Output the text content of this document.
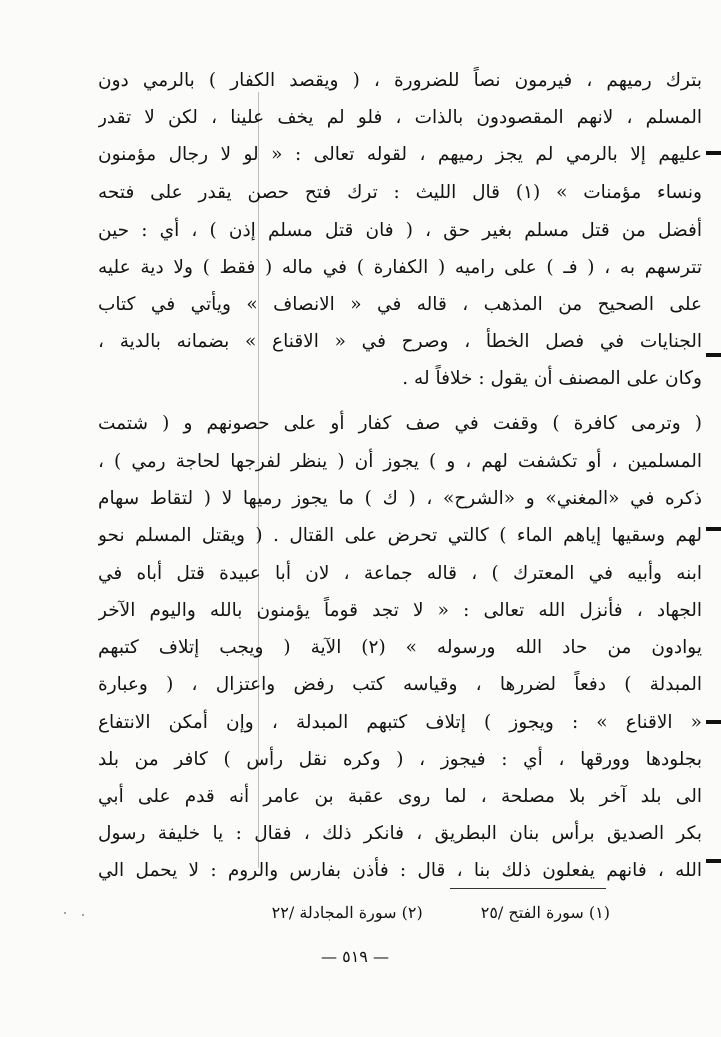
بترك رميهم ، فيرمون نصاً للضرورة ، ( ويقصد الكفار ) بالرمي دون
المسلم ، لانهم المقصودون بالذات ، فلو لم يخف علينا ، لكن لا تقدر
عليهم إلا بالرمي لم يجز رميهم ، لقوله تعالى : « لو لا رجال مؤمنون
ونساء مؤمنات » (١) قال الليث : ترك فتح حصن يقدر على فتحه
أفضل من قتل مسلم بغير حق ، ( فان قتل مسلم إذن ) ، أي : حين
تترسهم به ، ( فـ ) على راميه ( الكفارة ) في ماله ( فقط ) ولا دية عليه
على الصحيح من المذهب ، قاله في « الانصاف » ويأتي في كتاب
الجنايات في فصل الخطأ ، وصرح في « الاقناع » بضمانه بالدية ،
وكان على المصنف أن يقول : خلافاً له .
( وترمى كافرة ) وقفت في صف كفار أو على حصونهم و ( شتمت
المسلمين ، أو تكشفت لهم ، و ) يجوز أن ( ينظر لفرجها لحاجة رمي ) ،
ذكره في «المغني» و «الشرح» ، ( ك ) ما يجوز رميها لا ( لتقاط سهام
لهم وسقيها إياهم الماء ) كالتي تحرض على القتال . ( ويقتل المسلم نحو
ابنه وأبيه في المعترك ) ، قاله جماعة ، لان أبا عبيدة قتل أباه في
الجهاد ، فأنزل الله تعالى : « لا تجد قوماً يؤمنون بالله واليوم الآخر
يوادون من حاد الله ورسوله » (٢) الآية ( ويجب إتلاف كتبهم
المبدلة ) دفعاً لضررها ، وقياسه كتب رفض واعتزال ، ( وعبارة
« الاقناع » : ويجوز ) إتلاف كتبهم المبدلة ، وإن أمكن الانتفاع
بجلودها وورقها ، أي : فيجوز ، ( وكره نقل رأس ) كافر من بلد
الى بلد آخر بلا مصلحة ، لما روى عقبة بن عامر أنه قدم على أبي
بكر الصديق برأس بنان البطريق ، فانكر ذلك ، فقال : يا خليفة رسول
الله ، فانهم يفعلون ذلك بنا ، قال : فأذن بفارس والروم : لا يحمل الي
(١) سورة الفتح /٢٥
(٢) سورة المجادلة /٢٢
— ٥١٩ —
